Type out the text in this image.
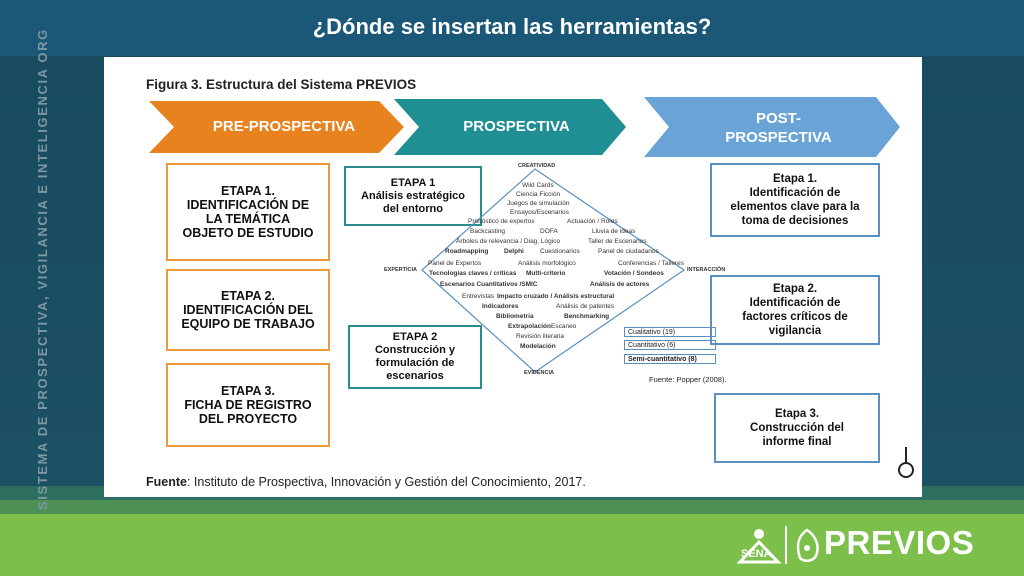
¿Dónde se insertan las herramientas?
SISTEMA DE PROSPECTIVA, VIGILANCIA E INTELIGENCIA ORG	Figura 3. Estructura del Sistema PREVIOS
PRE-PROSPECTIVA	PROSPECTIVA	POST-
PROSPECTIVA
ETAPA 1.
IDENTIFICACIÓN DE
LA TEMÁTICA
OBJETO DE ESTUDIO
ETAPA 2.
IDENTIFICACIÓN DEL
EQUIPO DE TRABAJO
ETAPA 3.
FICHA DE REGISTRO
DEL PROYECTO
ETAPA 1
Análisis estratégico
del entorno
ETAPA 2
Construcción y
formulación de
escenarios
Etapa 1.
Identificación de
elementos clave para la
toma de decisiones
Etapa 2.
Identificación de
factores críticos de
vigilancia
Etapa 3.
Construcción del
informe final
CREATIVIDAD
EVIDENCIA
EXPERTICIA	INTERACCIÓN
Wild Cards
Ciencia Ficción
Juegos de simulación
Ensayos/Escenarios
Pronóstico de expertos	Actuación / Roles
Backcasting	DOFA	Lluvia de ideas
Árboles de relevancia / Diag. Lógico	Taller de Escenarios
Roadmapping Delphi Cuestionarios	Panel de ciudadanos
Panel de Expertos	Análisis morfológico	Conferencias / Talleres
Tecnologías claves / críticas Multi-criterio	Votación / Sondeos
Escenarios Cuantitativos /SMIC	Análisis de actores
Entrevistas Impacto cruzado / Análisis estructural
Indicadores	Análisis de patentes
Bibliometría	Benchmarking
Extrapolación Escaneo
Revisión literaria
Modelación
Cualitativo (19)
Cuantitativo (6)
Semi-cuantitativo (8)
Fuente: Popper (2008).
Fuente: Instituto de Prospectiva, Innovación y Gestión del Conocimiento, 2017.
SENA PREVIOS
